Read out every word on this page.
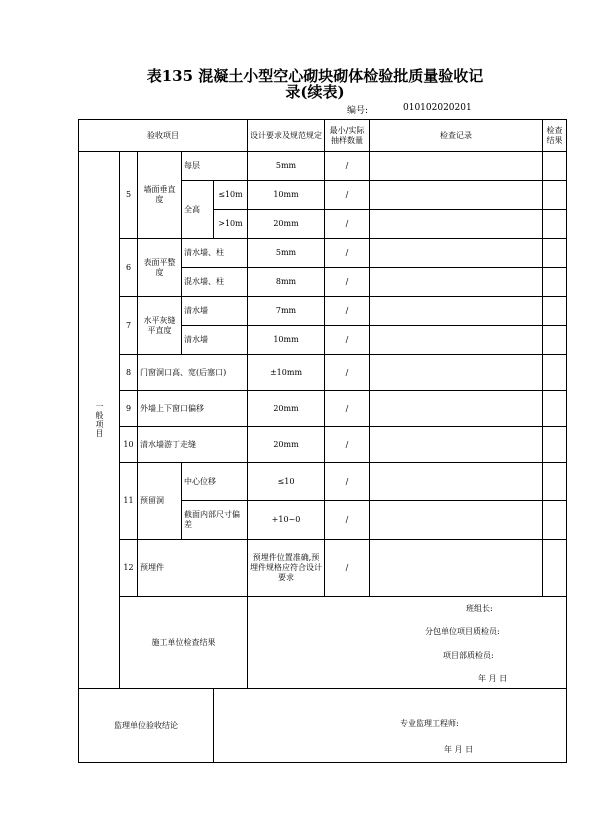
表135 混凝土小型空心砌块砌体检验批质量验收记
录(续表)
编号:	010102020201
验收项目					设计要求及规范规定	最小/实际抽样数量	检查记录	检查结果
一般项目	5	墙面垂直度	每层		5mm	/		
			全高	≤10m	10mm	/		
				>10m	20mm	/		
	6	表面平整度	清水墙、柱		5mm	/		
			混水墙、柱		8mm	/		
	7	水平灰缝平直度	清水墙		7mm	/		
			清水墙		10mm	/		
	8	门窗洞口高、宽(后塞口)			±10mm	/		
	9	外墙上下窗口偏移			20mm	/		
	10	清水墙游丁走缝			20mm	/		
	11	预留洞	中心位移		≤10	/		
			截面内部尺寸偏差		+10~0	/		
	12	预埋件			预埋件位置准确,预埋件规格应符合设计要求	/		
	施工单位检查结果				班组长:
分包单位项目质检员:
项目部质检员:
年 月 日			

监理单位验收结论				专业监理工程师:
年 月 日				
